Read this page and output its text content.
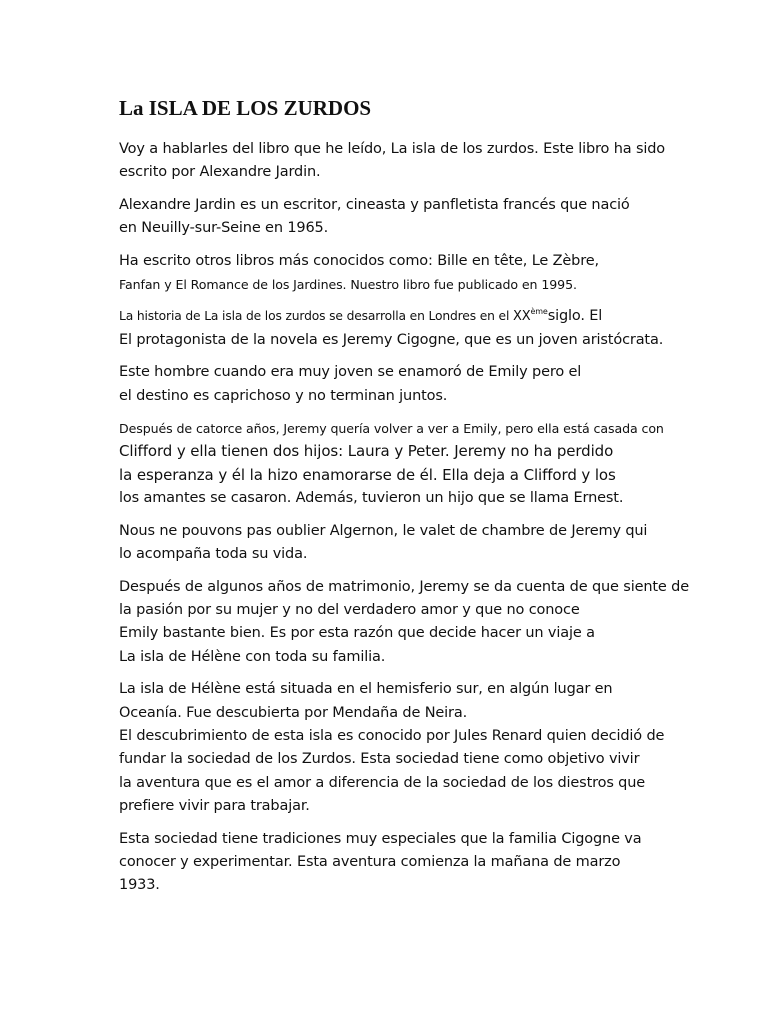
La ISLA DE LOS ZURDOS

Voy a hablarles del libro que he leído, La isla de los zurdos. Este libro ha sido
escrito por Alexandre Jardin.

Alexandre Jardin es un escritor, cineasta y panfletista francés que nació
en Neuilly-sur-Seine en 1965.

Ha escrito otros libros más conocidos como: Bille en tête, Le Zèbre,
Fanfan y El Romance de los Jardines. Nuestro libro fue publicado en 1995.

La historia de La isla de los zurdos se desarrolla en Londres en el XXèmesiglo. El
El protagonista de la novela es Jeremy Cigogne, que es un joven aristócrata.

Este hombre cuando era muy joven se enamoró de Emily pero el
el destino es caprichoso y no terminan juntos.

Después de catorce años, Jeremy quería volver a ver a Emily, pero ella está casada con
Clifford y ella tienen dos hijos: Laura y Peter. Jeremy no ha perdido
la esperanza y él la hizo enamorarse de él. Ella deja a Clifford y los
los amantes se casaron. Además, tuvieron un hijo que se llama Ernest.

Nous ne pouvons pas oublier Algernon, le valet de chambre de Jeremy qui
lo acompaña toda su vida.

Después de algunos años de matrimonio, Jeremy se da cuenta de que siente de
la pasión por su mujer y no del verdadero amor y que no conoce
Emily bastante bien. Es por esta razón que decide hacer un viaje a
La isla de Hélène con toda su familia.

La isla de Hélène está situada en el hemisferio sur, en algún lugar en
Oceanía. Fue descubierta por Mendaña de Neira.
El descubrimiento de esta isla es conocido por Jules Renard quien decidió de
fundar la sociedad de los Zurdos. Esta sociedad tiene como objetivo vivir
la aventura que es el amor a diferencia de la sociedad de los diestros que
prefiere vivir para trabajar.

Esta sociedad tiene tradiciones muy especiales que la familia Cigogne va
conocer y experimentar. Esta aventura comienza la mañana de marzo
1933.
